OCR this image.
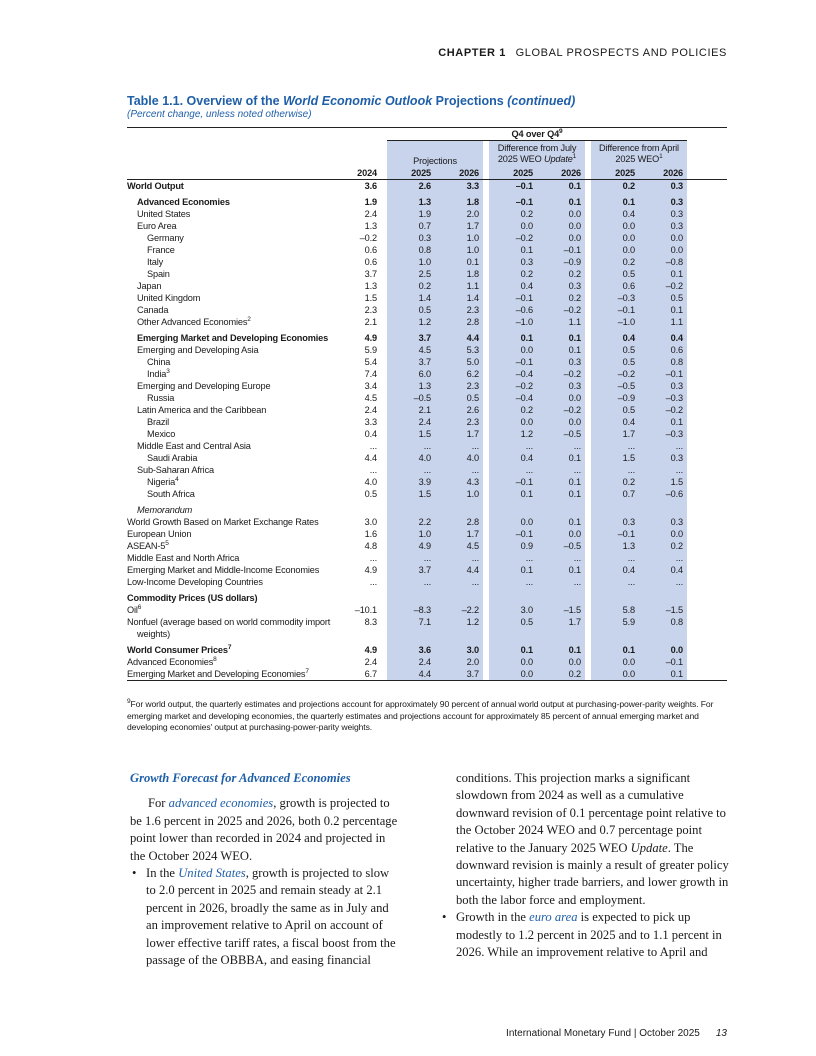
CHAPTER 1 GLOBAL PROSPECTS AND POLICIES
Table 1.1. Overview of the World Economic Outlook Projections (continued)
(Percent change, unless noted otherwise)
			Q4 over $Q4^9$	
			Projections			Difference from July
2025 WEO Update$^1$			Difference from April
2025 WEO$^1$	
	2024		2025	2026		2025	2026		2025	2026	
World Output	3.6		2.6	3.3		–0.1	0.1		0.2	0.3	

Advanced Economies	1.9		1.3	1.8		–0.1	0.1		0.1	0.3	
United States	2.4		1.9	2.0		0.2	0.0		0.4	0.3	
Euro Area	1.3		0.7	1.7		0.0	0.0		0.0	0.3	
Germany	–0.2		0.3	1.0		–0.2	0.0		0.0	0.0	
France	0.6		0.8	1.0		0.1	–0.1		0.0	0.0	
Italy	0.6		1.0	0.1		0.3	–0.9		0.2	–0.8	
Spain	3.7		2.5	1.8		0.2	0.2		0.5	0.1	
Japan	1.3		0.2	1.1		0.4	0.3		0.6	–0.2	
United Kingdom	1.5		1.4	1.4		–0.1	0.2		–0.3	0.5	
Canada	2.3		0.5	2.3		–0.6	–0.2		–0.1	0.1	
Other Advanced Economies$^2$	2.1		1.2	2.8		–1.0	1.1		–1.0	1.1	

Emerging Market and Developing Economies	4.9		3.7	4.4		0.1	0.1		0.4	0.4	
Emerging and Developing Asia	5.9		4.5	5.3		0.0	0.1		0.5	0.6	
China	5.4		3.7	5.0		–0.1	0.3		0.5	0.8	
India$^3$	7.4		6.0	6.2		–0.4	–0.2		–0.2	–0.1	
Emerging and Developing Europe	3.4		1.3	2.3		–0.2	0.3		–0.5	0.3	
Russia	4.5		–0.5	0.5		–0.4	0.0		–0.9	–0.3	
Latin America and the Caribbean	2.4		2.1	2.6		0.2	–0.2		0.5	–0.2	
Brazil	3.3		2.4	2.3		0.0	0.0		0.4	0.1	
Mexico	0.4		1.5	1.7		1.2	–0.5		1.7	–0.3	
Middle East and Central Asia	...		...	...		...	...		...	...	
Saudi Arabia	4.4		4.0	4.0		0.4	0.1		1.5	0.3	
Sub-Saharan Africa	...		...	...		...	...		...	...	
Nigeria$^4$	4.0		3.9	4.3		–0.1	0.1		0.2	1.5	
South Africa	0.5		1.5	1.0		0.1	0.1		0.7	–0.6	

Memorandum											
World Growth Based on Market Exchange Rates	3.0		2.2	2.8		0.0	0.1		0.3	0.3	
European Union	1.6		1.0	1.7		–0.1	0.0		–0.1	0.0	
ASEAN-$5^5$	4.8		4.9	4.5		0.9	–0.5		1.3	0.2	
Middle East and North Africa	...		...	...		...	...		...	...	
Emerging Market and Middle-Income Economies	4.9		3.7	4.4		0.1	0.1		0.4	0.4	
Low-Income Developing Countries	...		...	...		...	...		...	...	

Commodity Prices (US dollars)											
Oil$^6$	–10.1		–8.3	–2.2		3.0	–1.5		5.8	–1.5	
Nonfuel (average based on world commodity import	8.3		7.1	1.2		0.5	1.7		5.9	0.8	
weights)											

World Consumer Prices$^7$	4.9		3.6	3.0		0.1	0.1		0.1	0.0	
Advanced Economies$^8$	2.4		2.4	2.0		0.0	0.0		0.0	–0.1	
Emerging Market and Developing Economies$^7$	6.7		4.4	3.7		0.0	0.2		0.0	0.1	
$^9$For world output, the quarterly estimates and projections account for approximately 90 percent of annual world output at purchasing-power-parity weights. For emerging market and developing economies, the quarterly estimates and projections account for approximately 85 percent of annual emerging market and developing economies' output at purchasing-power-parity weights.
Growth Forecast for Advanced Economies

For advanced economies, growth is projected to be 1.6 percent in 2025 and 2026, both 0.2 percentage point lower than recorded in 2024 and projected in the October 2024 WEO.

• In the United States, growth is projected to slow to 2.0 percent in 2025 and remain steady at 2.1 percent in 2026, broadly the same as in July and an improvement relative to April on account of lower effective tariff rates, a fiscal boost from the passage of the OBBBA, and easing financial

conditions. This projection marks a significant slowdown from 2024 as well as a cumulative downward revision of 0.1 percentage point relative to the October 2024 WEO and 0.7 percentage point relative to the January 2025 WEO Update. The downward revision is mainly a result of greater policy uncertainty, higher trade barriers, and lower growth in both the labor force and employment.

• Growth in the euro area is expected to pick up modestly to 1.2 percent in 2025 and to 1.1 percent in 2026. While an improvement relative to April and

International Monetary Fund | October 2025 13
